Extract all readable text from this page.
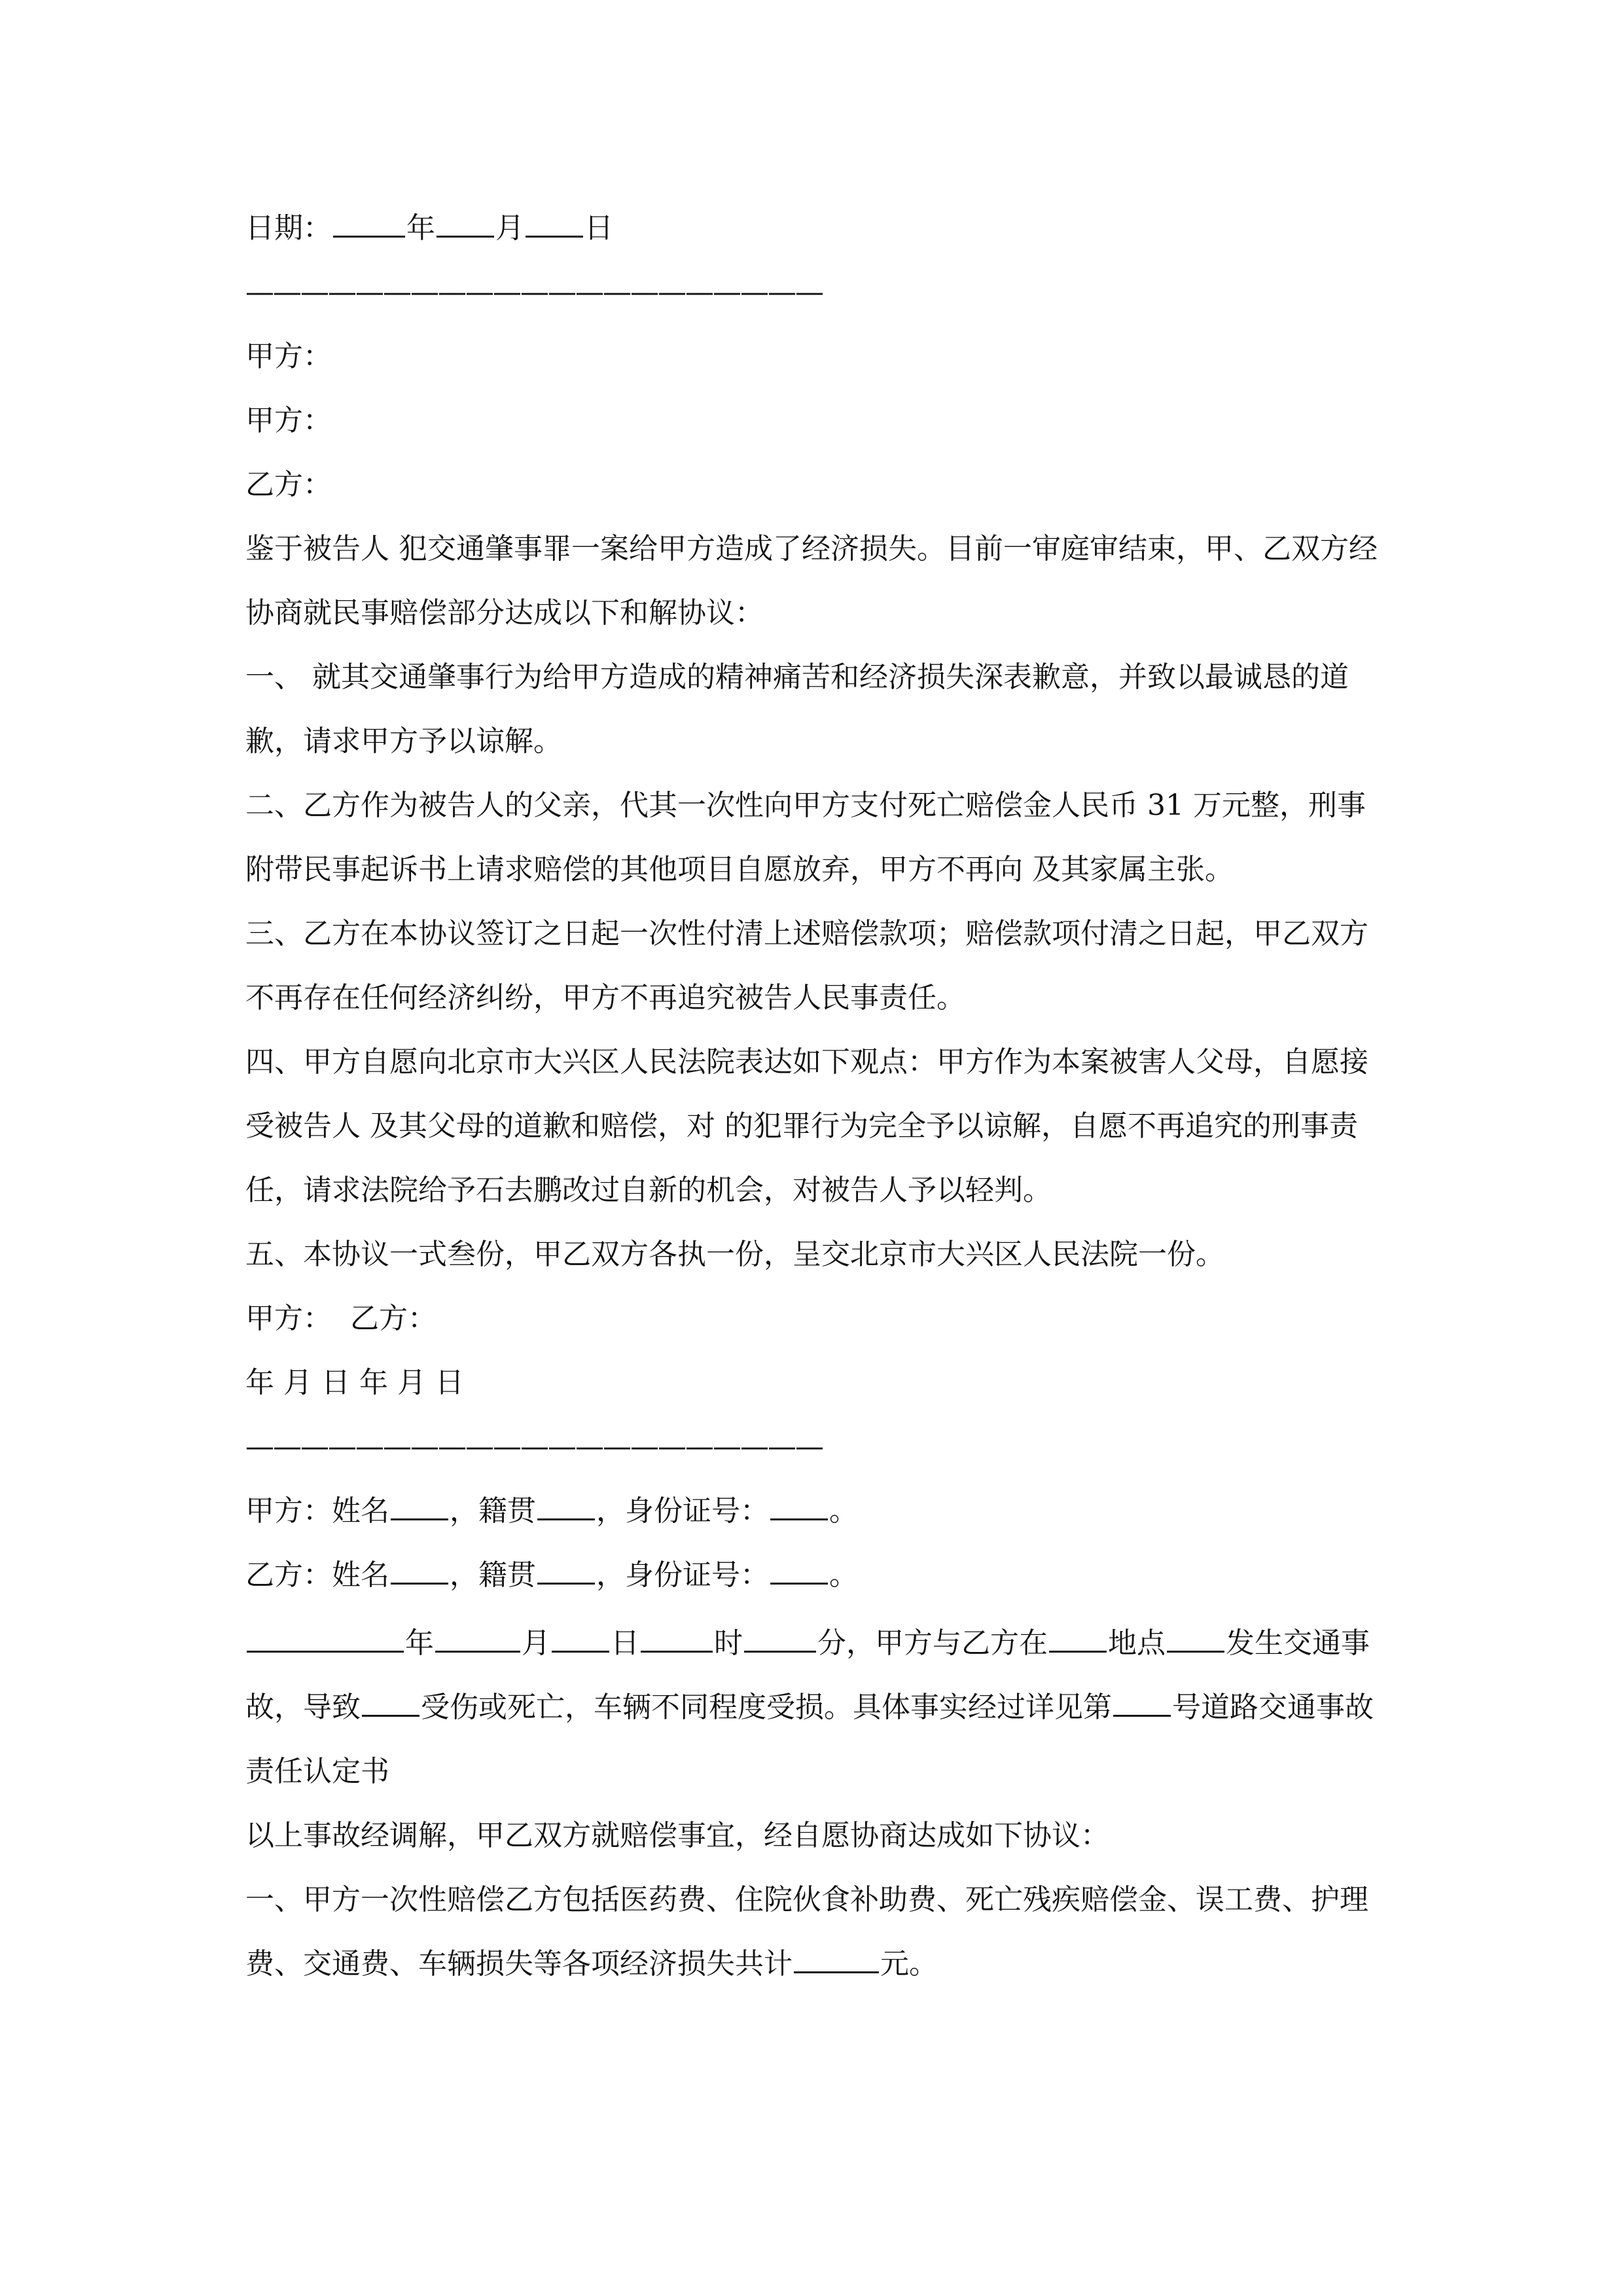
日期：	年 月 日
—————————————————————
甲方：
甲方：
乙方：

鉴于被告人 犯交通肇事罪一案给甲方造成了经济损失。目前一审庭审结束，甲、乙双方经协商就民事赔偿部分达成以下和解协议：

一、 就其交通肇事行为给甲方造成的精神痛苦和经济损失深表歉意，并致以最诚恳的道歉，请求甲方予以谅解。

二、乙方作为被告人的父亲，代其一次性向甲方支付死亡赔偿金人民币 31 万元整，刑事附带民事起诉书上请求赔偿的其他项目自愿放弃，甲方不再向 及其家属主张。

三、乙方在本协议签订之日起一次性付清上述赔偿款项；赔偿款项付清之日起，甲乙双方不再存在任何经济纠纷，甲方不再追究被告人民事责任。

四、甲方自愿向北京市大兴区人民法院表达如下观点：甲方作为本案被害人父母，自愿接受被告人 及其父母的道歉和赔偿，对 的犯罪行为完全予以谅解，自愿不再追究的刑事责任，请求法院给予石去鹏改过自新的机会，对被告人予以轻判。

五、本协议一式叁份，甲乙双方各执一份，呈交北京市大兴区人民法院一份。

甲方：  乙方：
年 月 日 年 月 日
—————————————————————
甲方：姓名 ，籍贯 ，身份证号： 。
乙方：姓名 ，籍贯 ，身份证号： 。
年	月 日	时	分，甲方与乙方在 地点 发生交通事故，导致 受伤或死亡，车辆不同程度受损。具体事实经过详见第 号道路交通事故责任认定书

以上事故经调解，甲乙双方就赔偿事宜，经自愿协商达成如下协议：

一、甲方一次性赔偿乙方包括医药费、住院伙食补助费、死亡残疾赔偿金、误工费、护理费、交通费、车辆损失等各项经济损失共计	元。
